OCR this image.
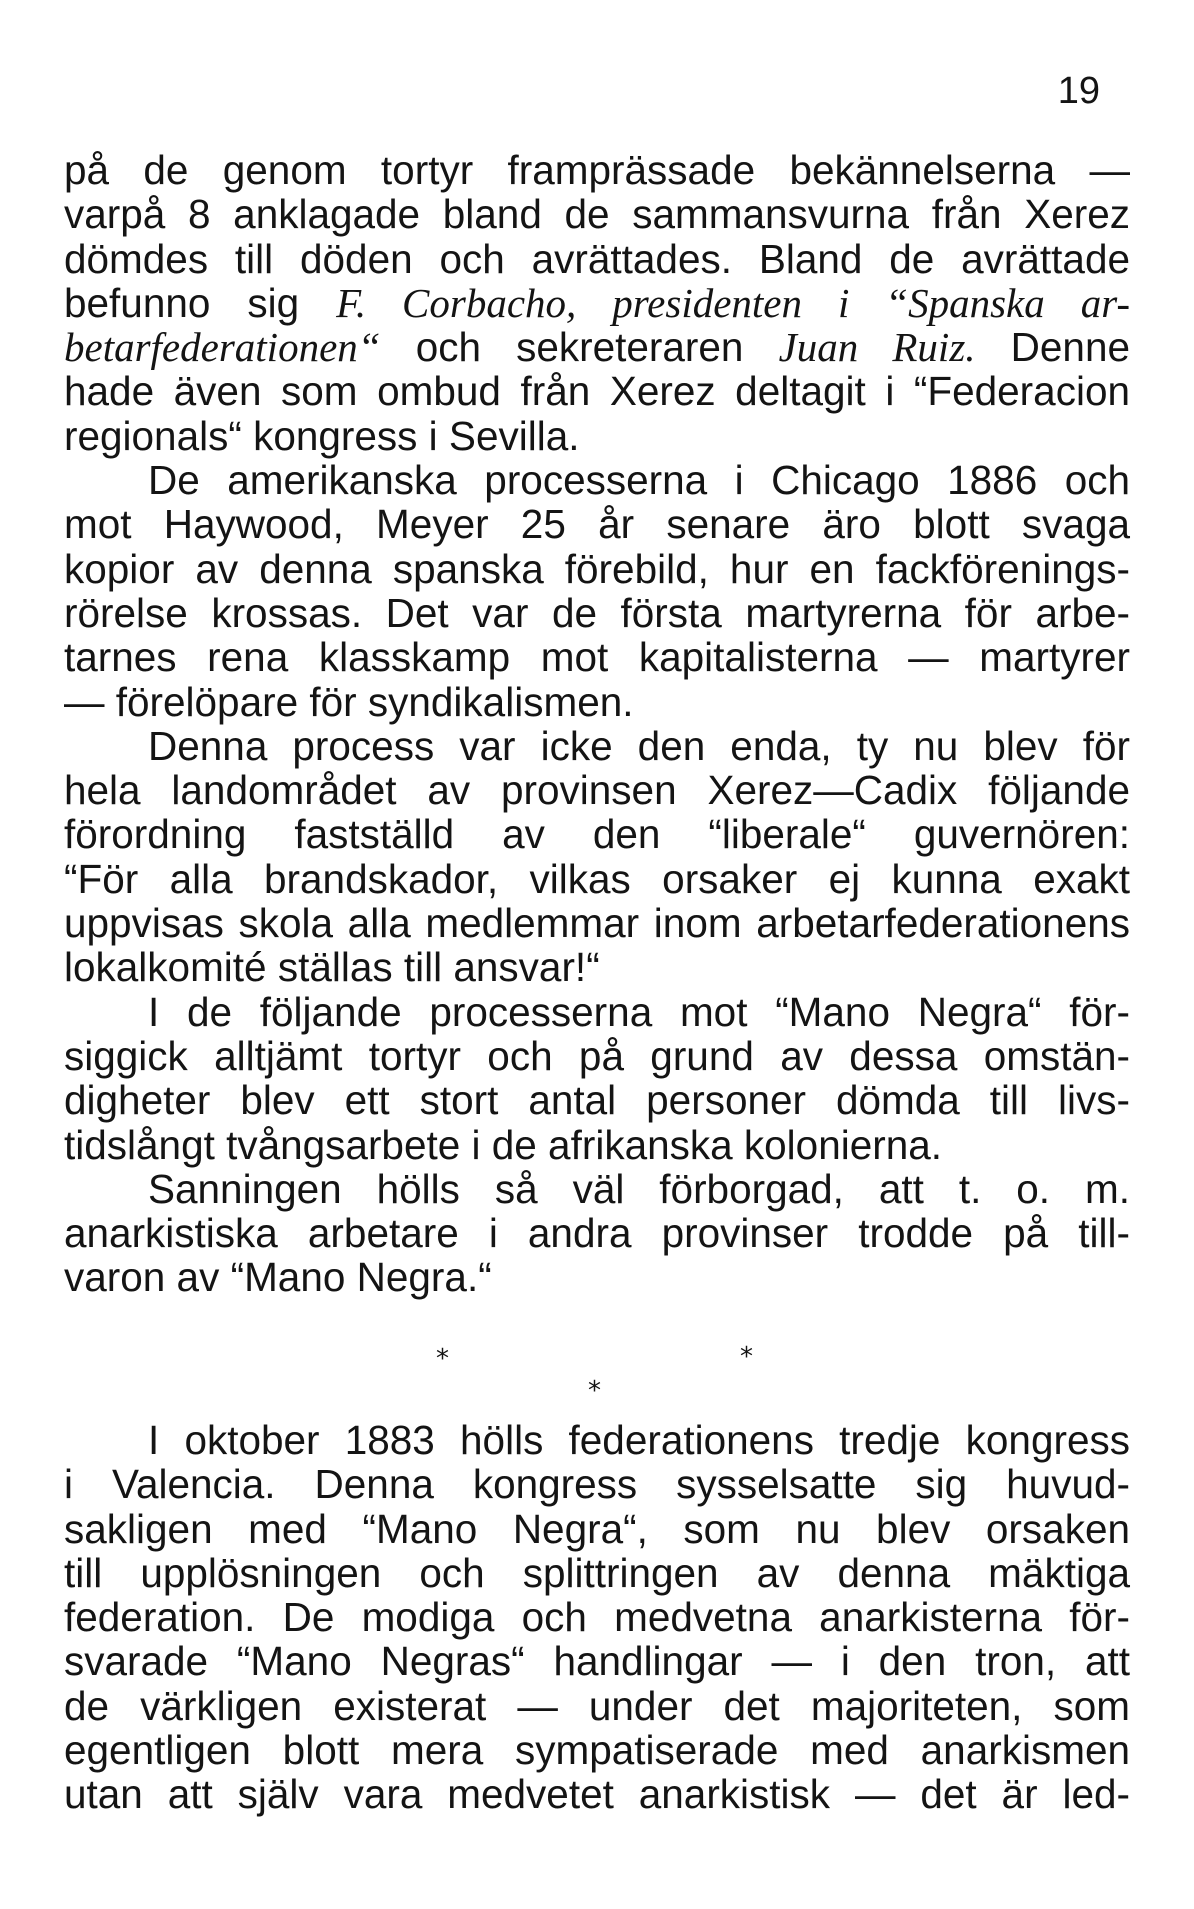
19
på de genom tortyr framprässade bekännelserna —
varpå 8 anklagade bland de sammansvurna från Xerez
dömdes till döden och avrättades. Bland de avrättade
befunno sig F. Corbacho, presidenten i “Spanska ar-
betarfederationen“ och sekreteraren Juan Ruiz. Denne
hade även som ombud från Xerez deltagit i “Federacion
regionals“ kongress i Sevilla.
De amerikanska processerna i Chicago 1886 och
mot Haywood, Meyer 25 år senare äro blott svaga
kopior av denna spanska förebild, hur en fackförenings-
rörelse krossas. Det var de första martyrerna för arbe-
tarnes rena klasskamp mot kapitalisterna — martyrer
— förelöpare för syndikalismen.
Denna process var icke den enda, ty nu blev för
hela landområdet av provinsen Xerez—Cadix följande
förordning fastställd av den “liberale“ guvernören:
“För alla brandskador, vilkas orsaker ej kunna exakt
uppvisas skola alla medlemmar inom arbetarfederationens
lokalkomité ställas till ansvar!“
I de följande processerna mot “Mano Negra“ för-
siggick alltjämt tortyr och på grund av dessa omstän-
digheter blev ett stort antal personer dömda till livs-
tidslångt tvångsarbete i de afrikanska kolonierna.
Sanningen hölls så väl förborgad, att t. o. m.
anarkistiska arbetare i andra provinser trodde på till-
varon av “Mano Negra.“
*	*
*
I oktober 1883 hölls federationens tredje kongress
i Valencia. Denna kongress sysselsatte sig huvud-
sakligen med “Mano Negra“, som nu blev orsaken
till upplösningen och splittringen av denna mäktiga
federation. De modiga och medvetna anarkisterna för-
svarade “Mano Negras“ handlingar — i den tron, att
de värkligen existerat — under det majoriteten, som
egentligen blott mera sympatiserade med anarkismen
utan att själv vara medvetet anarkistisk — det är led-
